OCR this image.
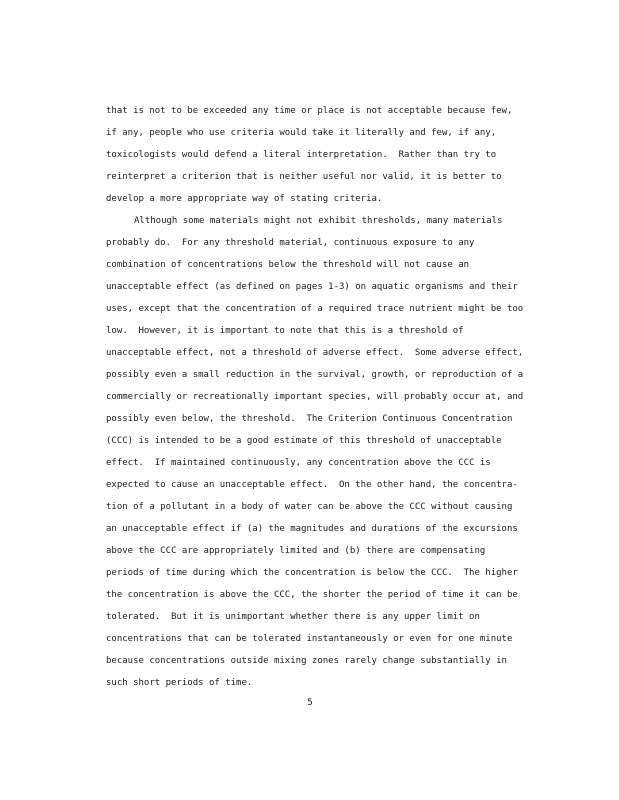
that is not to be exceeded any time or place is not acceptable because few,
if any, people who use criteria would take it literally and few, if any,
toxicologists would defend a literal interpretation.  Rather than try to
reinterpret a criterion that is neither useful nor valid, it is better to
develop a more appropriate way of stating criteria.
Although some materials might not exhibit thresholds, many materials
probably do.  For any threshold material, continuous exposure to any
combination of concentrations below the threshold will not cause an
unacceptable effect (as defined on pages 1-3) on aquatic organisms and their
uses, except that the concentration of a required trace nutrient might be too
low.  However, it is important to note that this is a threshold of
unacceptable effect, not a threshold of adverse effect.  Some adverse effect,
possibly even a small reduction in the survival, growth, or reproduction of a
commercially or recreationally important species, will probably occur at, and
possibly even below, the threshold.  The Criterion Continuous Concentration
(CCC) is intended to be a good estimate of this threshold of unacceptable
effect.  If maintained continuously, any concentration above the CCC is
expected to cause an unacceptable effect.  On the other hand, the concentra-
tion of a pollutant in a body of water can be above the CCC without causing
an unacceptable effect if (a) the magnitudes and durations of the excursions
above the CCC are appropriately limited and (b) there are compensating
periods of time during which the concentration is below the CCC.  The higher
the concentration is above the CCC, the shorter the period of time it can be
tolerated.  But it is unimportant whether there is any upper limit on
concentrations that can be tolerated instantaneously or even for one minute
because concentrations outside mixing zones rarely change substantially in
such short periods of time.
5
